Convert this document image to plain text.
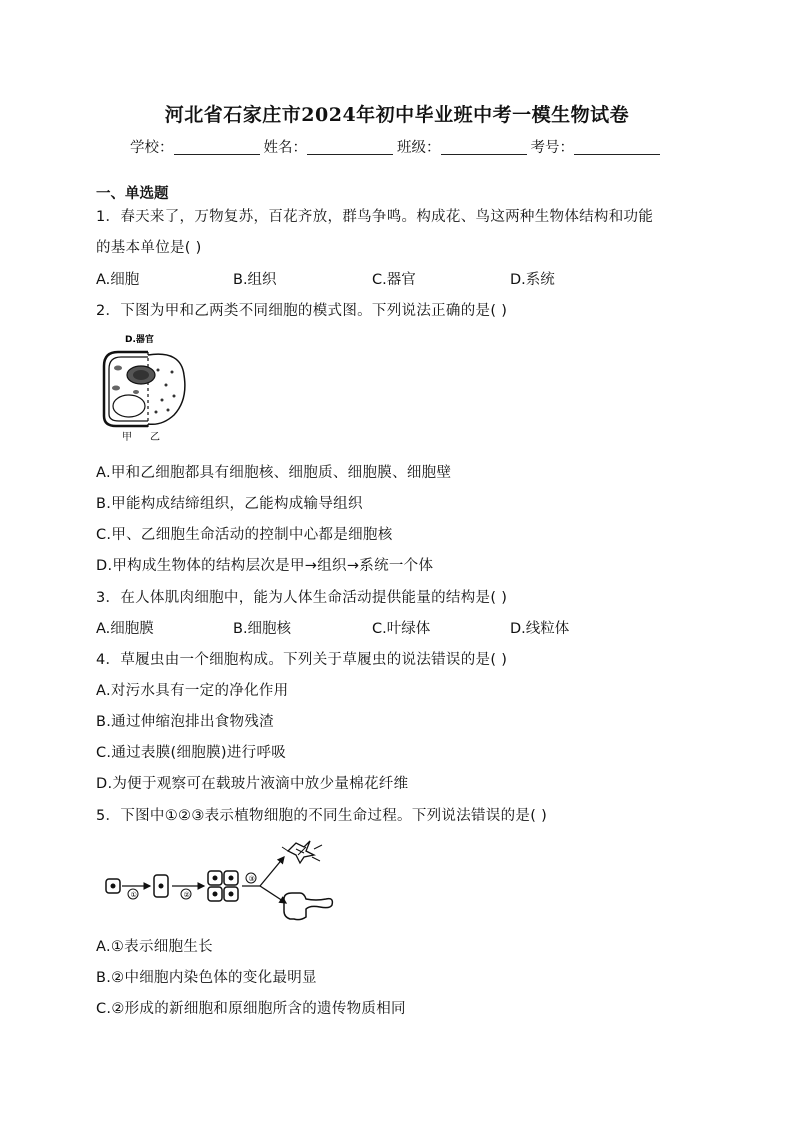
河北省石家庄市2024年初中毕业班中考一模生物试卷
学校：	姓名：	班级：	考号：
一、单选题
1．春天来了，万物复苏，百花齐放，群鸟争鸣。构成花、鸟这两种生物体结构和功能
的基本单位是( )
A.细胞	B.组织	C.器官	D.系统
2．下图为甲和乙两类不同细胞的模式图。下列说法正确的是( )
D.器官
甲 乙
A.甲和乙细胞都具有细胞核、细胞质、细胞膜、细胞壁
B.甲能构成结缔组织，乙能构成输导组织
C.甲、乙细胞生命活动的控制中心都是细胞核
D.甲构成生物体的结构层次是甲→组织→系统一个体
3．在人体肌肉细胞中，能为人体生命活动提供能量的结构是( )
A.细胞膜	B.细胞核	C.叶绿体	D.线粒体
4．草履虫由一个细胞构成。下列关于草履虫的说法错误的是( )
A.对污水具有一定的净化作用
B.通过伸缩泡排出食物残渣
C.通过表膜(细胞膜)进行呼吸
D.为便于观察可在载玻片液滴中放少量棉花纤维
5．下图中①②③表示植物细胞的不同生命过程。下列说法错误的是( )
①	②
③
A.①表示细胞生长
B.②中细胞内染色体的变化最明显
C.②形成的新细胞和原细胞所含的遗传物质相同
